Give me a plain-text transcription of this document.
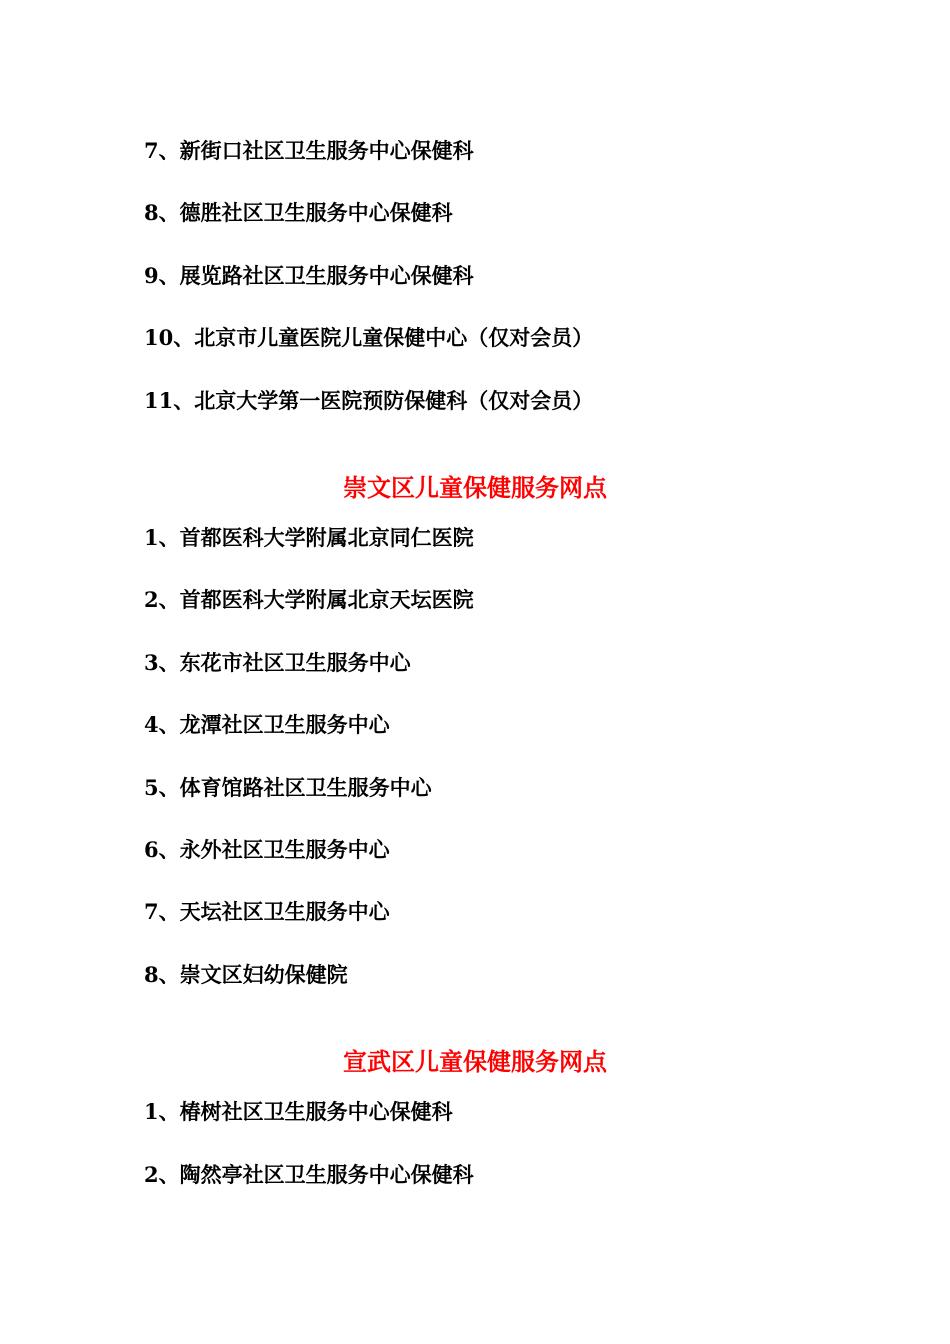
7、新街口社区卫生服务中心保健科
8、德胜社区卫生服务中心保健科
9、展览路社区卫生服务中心保健科
10、北京市儿童医院儿童保健中心（仅对会员）
11、北京大学第一医院预防保健科（仅对会员）
崇文区儿童保健服务网点
1、首都医科大学附属北京同仁医院
2、首都医科大学附属北京天坛医院
3、东花市社区卫生服务中心
4、龙潭社区卫生服务中心
5、体育馆路社区卫生服务中心
6、永外社区卫生服务中心
7、天坛社区卫生服务中心
8、崇文区妇幼保健院
宣武区儿童保健服务网点
1、椿树社区卫生服务中心保健科
2、陶然亭社区卫生服务中心保健科
